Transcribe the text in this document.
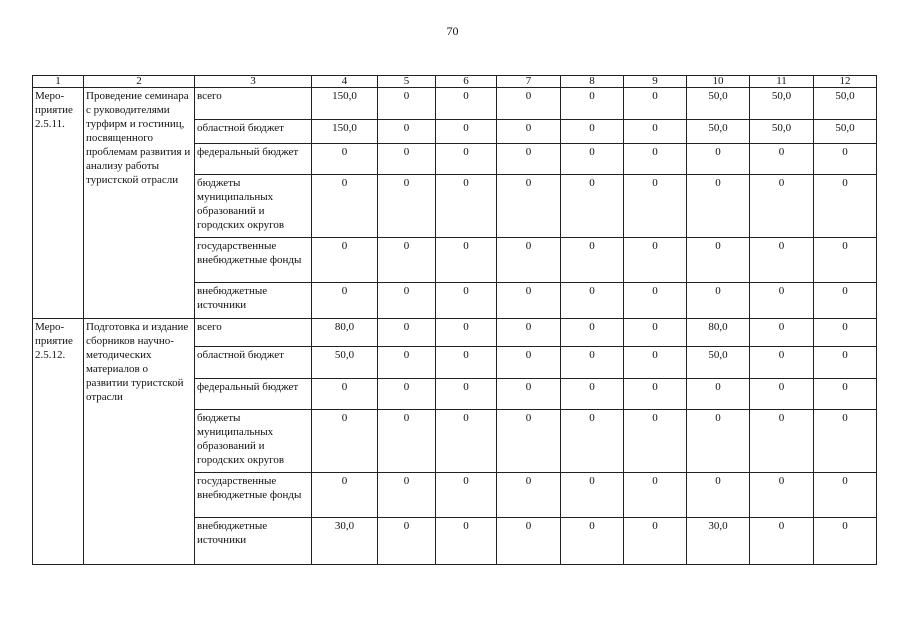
70
1	2	3	4	5	6	7	8	9	10	11	12
Меро-приятие 2.5.11.	Проведение семинара с руководителями турфирм и гостиниц, посвященного проблемам развития и анализу работы туристской отрасли	всего	150,0	0	0	0	0	0	50,0	50,0	50,0
		областной бюджет	150,0	0	0	0	0	0	50,0	50,0	50,0
		федеральный бюджет	0	0	0	0	0	0	0	0	0
		бюджеты муниципальных образований и городских округов	0	0	0	0	0	0	0	0	0
		государственные внебюджетные фонды	0	0	0	0	0	0	0	0	0
		внебюджетные источники	0	0	0	0	0	0	0	0	0
Меро-приятие 2.5.12.	Подготовка и издание сборников научно-методических материалов о развитии туристской отрасли	всего	80,0	0	0	0	0	0	80,0	0	0
		областной бюджет	50,0	0	0	0	0	0	50,0	0	0
		федеральный бюджет	0	0	0	0	0	0	0	0	0
		бюджеты муниципальных образований и городских округов	0	0	0	0	0	0	0	0	0
		государственные внебюджетные фонды	0	0	0	0	0	0	0	0	0
		внебюджетные источники	30,0	0	0	0	0	0	30,0	0	0
